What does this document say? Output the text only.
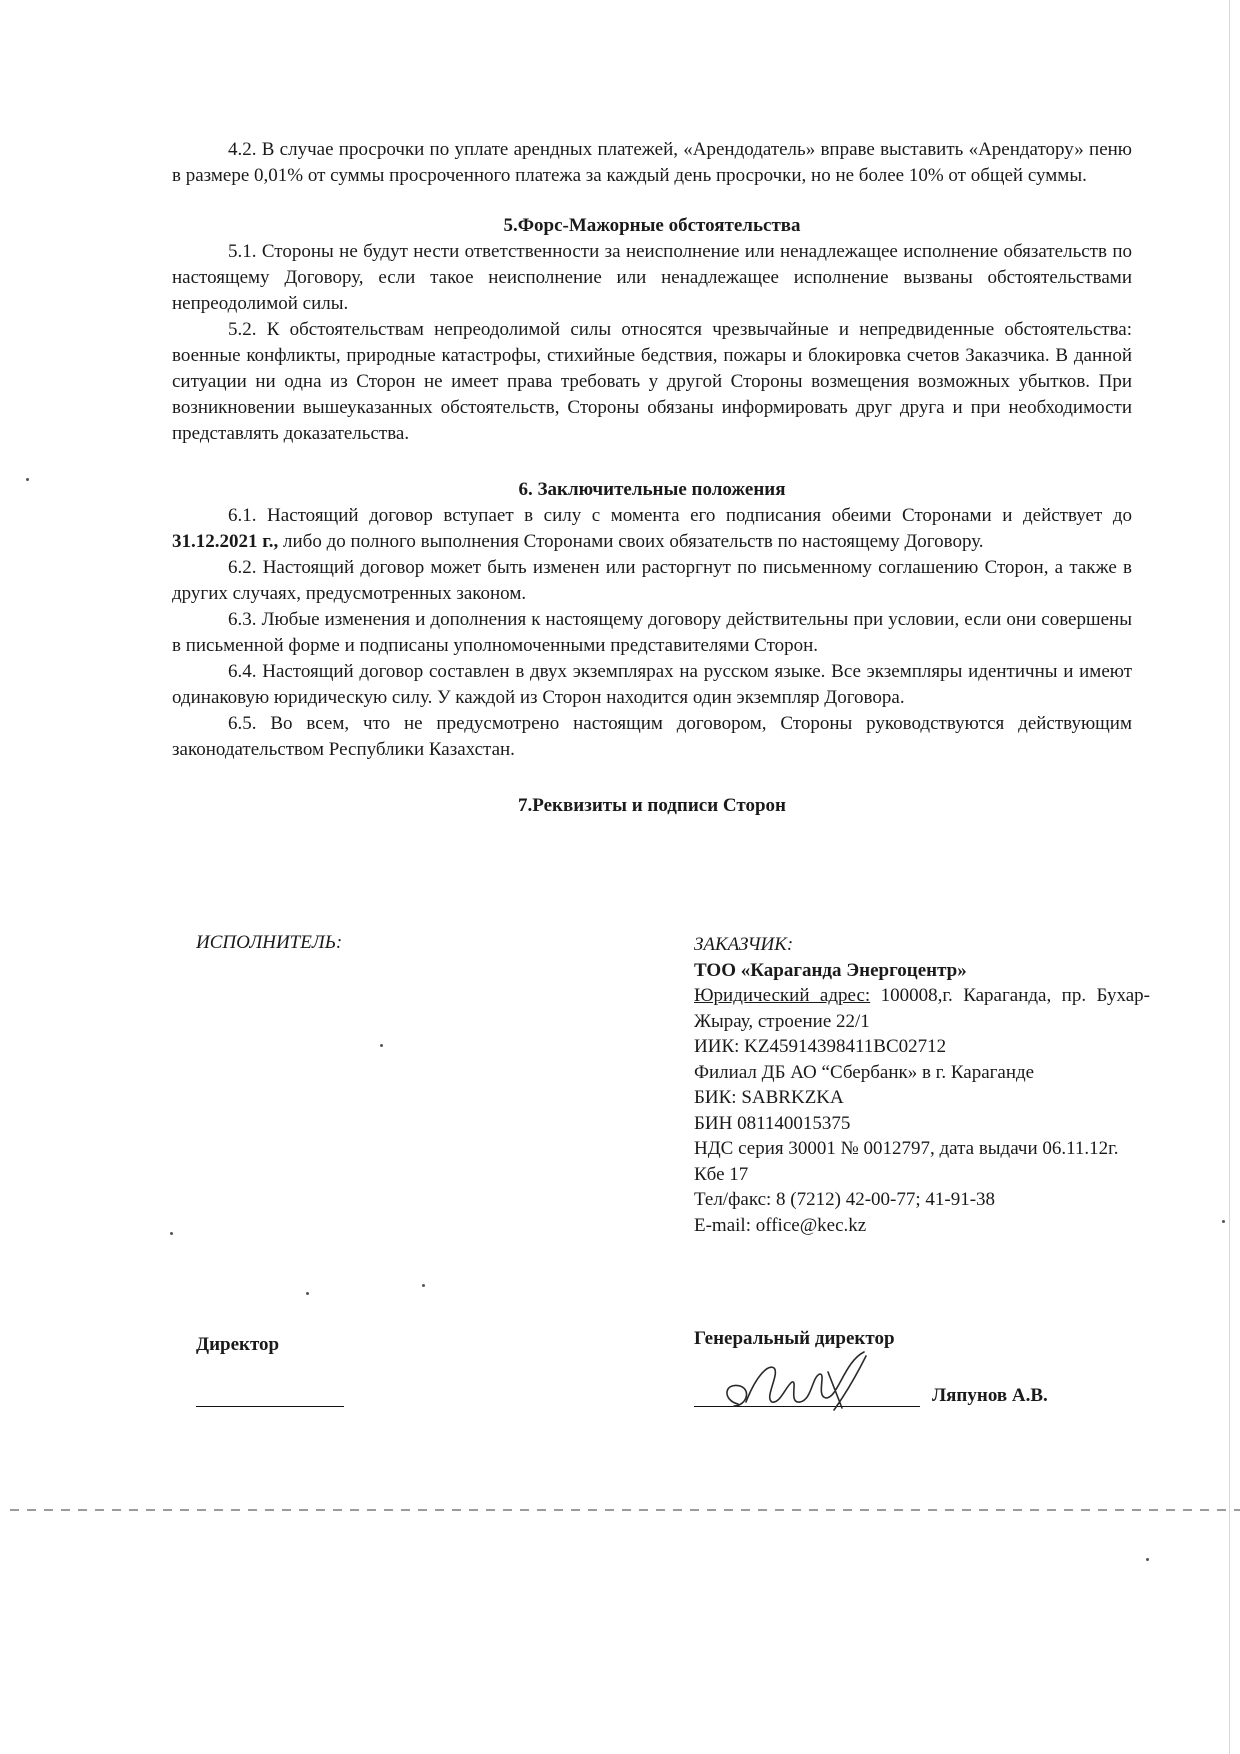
4.2. В случае просрочки по уплате арендных платежей, «Арендодатель» вправе выставить «Арендатору» пеню в размере 0,01% от суммы просроченного платежа за каждый день просрочки, но не более 10% от общей суммы.

5.Форс-Мажорные обстоятельства

5.1. Стороны не будут нести ответственности за неисполнение или ненадлежащее исполнение обязательств по настоящему Договору, если такое неисполнение или ненадлежащее исполнение вызваны обстоятельствами непреодолимой силы.

5.2. К обстоятельствам непреодолимой силы относятся чрезвычайные и непредвиденные обстоятельства: военные конфликты, природные катастрофы, стихийные бедствия, пожары и блокировка счетов Заказчика. В данной ситуации ни одна из Сторон не имеет права требовать у другой Стороны возмещения возможных убытков. При возникновении вышеуказанных обстоятельств, Стороны обязаны информировать друг друга и при необходимости представлять доказательства.

6. Заключительные положения

6.1. Настоящий договор вступает в силу с момента его подписания обеими Сторонами и действует до 31.12.2021 г., либо до полного выполнения Сторонами своих обязательств по настоящему Договору.

6.2. Настоящий договор может быть изменен или расторгнут по письменному соглашению Сторон, а также в других случаях, предусмотренных законом.

6.3. Любые изменения и дополнения к настоящему договору действительны при условии, если они совершены в письменной форме и подписаны уполномоченными представителями Сторон.

6.4. Настоящий договор составлен в двух экземплярах на русском языке. Все экземпляры идентичны и имеют одинаковую юридическую силу. У каждой из Сторон находится один экземпляр Договора.

6.5. Во всем, что не предусмотрено настоящим договором, Стороны руководствуются действующим законодательством Республики Казахстан.

7.Реквизиты и подписи Сторон

ИСПОЛНИТЕЛЬ:	ЗАКАЗЧИК:
ТОО «Караганда Энергоцентр»
Юридический адрес: 100008,г. Караганда, пр. Бухар-Жырау, строение 22/1
ИИК: KZ45914398411BC02712
Филиал ДБ АО “Сбербанк» в г. Караганде
БИК: SABRKZKA
БИН 081140015375
НДС серия 30001 № 0012797, дата выдачи 06.11.12г.
Кбе 17
Тел/факс: 8 (7212) 42-00-77; 41-91-38
E-mail: office@kec.kz
Директор	Генеральный директор
Ляпунов А.В.
